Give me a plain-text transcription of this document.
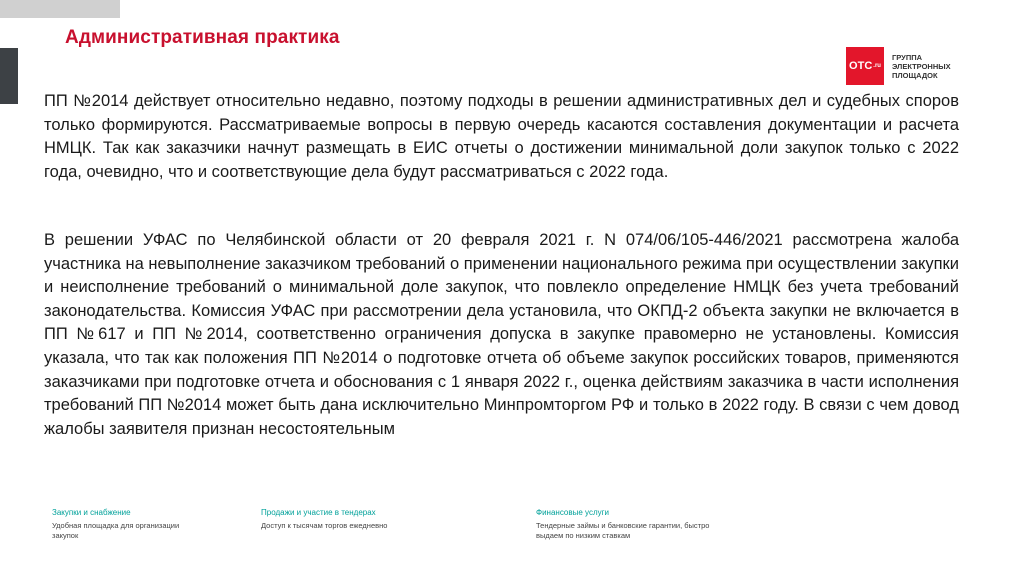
Административная практика
OTC .ru
ГРУППА ЭЛЕКТРОННЫХ ПЛОЩАДОК
ПП №2014 действует относительно недавно, поэтому подходы в решении административных дел и судебных споров только формируются. Рассматриваемые вопросы в первую очередь касаются составления документации и расчета НМЦК. Так как заказчики начнут размещать в ЕИС отчеты о достижении минимальной доли закупок только с 2022 года, очевидно, что и соответствующие дела будут рассматриваться с 2022 года.
В решении УФАС по Челябинской области от 20 февраля 2021 г. N 074/06/105-446/2021 рассмотрена жалоба участника на невыполнение заказчиком требований о применении национального режима при осуществлении закупки и неисполнение требований о минимальной доле закупок, что повлекло определение НМЦК без учета требований законодательства. Комиссия УФАС при рассмотрении дела установила, что ОКПД-2 объекта закупки не включается в ПП №617 и ПП №2014, соответственно ограничения допуска в закупке правомерно не установлены. Комиссия указала, что так как положения ПП №2014 о подготовке отчета об объеме закупок российских товаров, применяются заказчиками при подготовке отчета и обоснования с 1 января 2022 г., оценка действиям заказчика в части исполнения требований ПП №2014 может быть дана исключительно Минпромторгом РФ и только в 2022 году. В связи с чем довод жалобы заявителя признан несостоятельным
Закупки и снабжение
Удобная площадка для организации закупок
Продажи и участие в тендерах
Доступ к тысячам торгов ежедневно
Финансовые услуги
Тендерные займы и банковские гарантии, быстро выдаем по низким ставкам
